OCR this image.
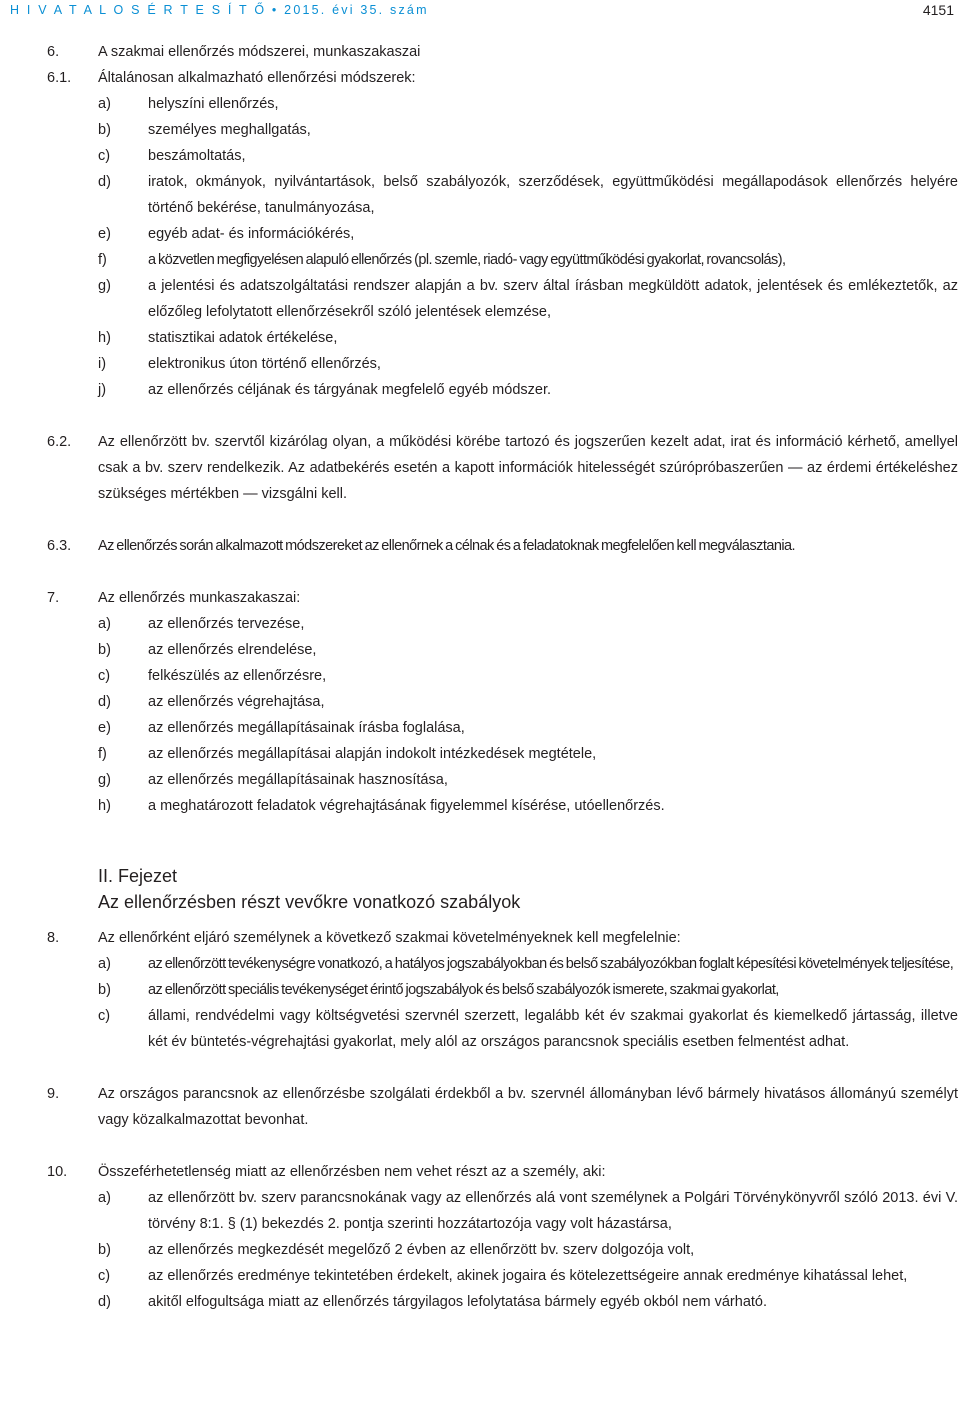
H I V A T A L O S É R T E S Í T Ő • 2015. évi 35. szám	4151
6.	A szakmai ellenőrzés módszerei, munkaszakaszai
6.1. Általánosan alkalmazható ellenőrzési módszerek:
a)	helyszíni ellenőrzés,
b)	személyes meghallgatás,
c)	beszámoltatás,
d)	iratok, okmányok, nyilvántartások, belső szabályozók, szerződések, együttműködési megállapodások ellenőrzés helyére történő bekérése, tanulmányozása,
e)	egyéb adat- és információkérés,
f)	a közvetlen megfigyelésen alapuló ellenőrzés (pl. szemle, riadó- vagy együttműködési gyakorlat, rovancsolás),
g)	a jelentési és adatszolgáltatási rendszer alapján a bv. szerv által írásban megküldött adatok, jelentések és emlékeztetők, az előzőleg lefolytatott ellenőrzésekről szóló jelentések elemzése,
h)	statisztikai adatok értékelése,
i)	elektronikus úton történő ellenőrzés,
j)	az ellenőrzés céljának és tárgyának megfelelő egyéb módszer.
6.2. Az ellenőrzött bv. szervtől kizárólag olyan, a működési körébe tartozó és jogszerűen kezelt adat, irat és információ kérhető, amellyel csak a bv. szerv rendelkezik. Az adatbekérés esetén a kapott információk hitelességét szúrópróbaszerűen — az érdemi értékeléshez szükséges mértékben — vizsgálni kell.
6.3. Az ellenőrzés során alkalmazott módszereket az ellenőrnek a célnak és a feladatoknak megfelelően kell megválasztania.
7.	Az ellenőrzés munkaszakaszai:
a)	az ellenőrzés tervezése,
b)	az ellenőrzés elrendelése,
c)	felkészülés az ellenőrzésre,
d)	az ellenőrzés végrehajtása,
e)	az ellenőrzés megállapításainak írásba foglalása,
f)	az ellenőrzés megállapításai alapján indokolt intézkedések megtétele,
g)	az ellenőrzés megállapításainak hasznosítása,
h)	a meghatározott feladatok végrehajtásának figyelemmel kísérése, utóellenőrzés.
II. Fejezet
Az ellenőrzésben részt vevőkre vonatkozó szabályok
8.	Az ellenőrként eljáró személynek a következő szakmai követelményeknek kell megfelelnie:
a)	az ellenőrzött tevékenységre vonatkozó, a hatályos jogszabályokban és belső szabályozókban foglalt képesítési követelmények teljesítése,
b)	az ellenőrzött speciális tevékenységet érintő jogszabályok és belső szabályozók ismerete, szakmai gyakorlat,
c)	állami, rendvédelmi vagy költségvetési szervnél szerzett, legalább két év szakmai gyakorlat és kiemelkedő jártasság, illetve két év büntetés-végrehajtási gyakorlat, mely alól az országos parancsnok speciális esetben felmentést adhat.
9.	Az országos parancsnok az ellenőrzésbe szolgálati érdekből a bv. szervnél állományban lévő bármely hivatásos állományú személyt vagy közalkalmazottat bevonhat.
10. Összeférhetetlenség miatt az ellenőrzésben nem vehet részt az a személy, aki:
a)	az ellenőrzött bv. szerv parancsnokának vagy az ellenőrzés alá vont személynek a Polgári Törvénykönyvről szóló 2013. évi V. törvény 8:1. § (1) bekezdés 2. pontja szerinti hozzátartozója vagy volt házastársa,
b)	az ellenőrzés megkezdését megelőző 2 évben az ellenőrzött bv. szerv dolgozója volt,
c)	az ellenőrzés eredménye tekintetében érdekelt, akinek jogaira és kötelezettségeire annak eredménye kihatással lehet,
d)	akitől elfogultsága miatt az ellenőrzés tárgyilagos lefolytatása bármely egyéb okból nem várható.
